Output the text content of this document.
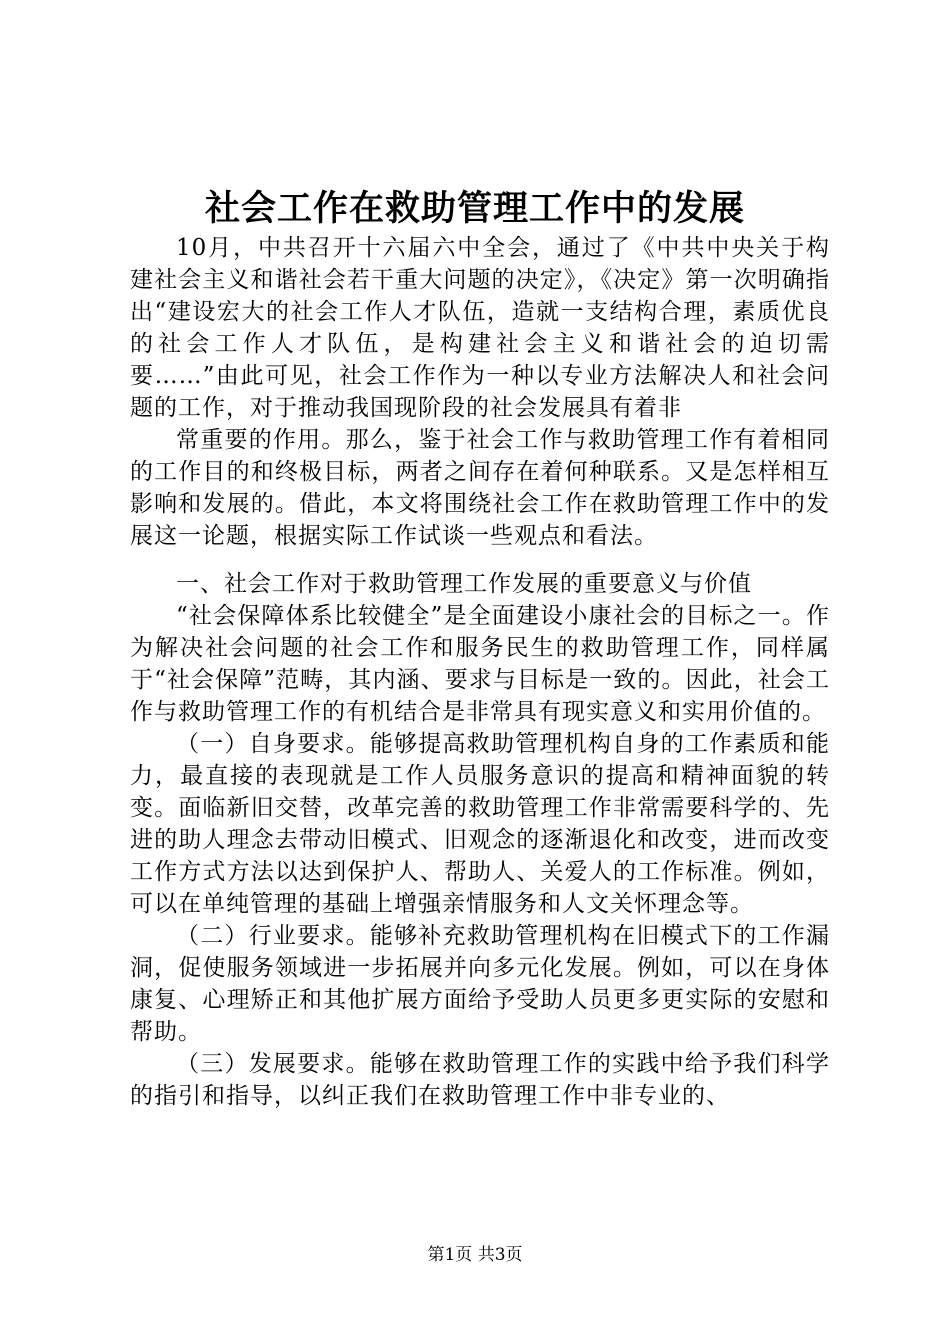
社会工作在救助管理工作中的发展

10月，中共召开十六届六中全会，通过了《中共中央关于构建社会主义和谐社会若干重大问题的决定》，《决定》第一次明确指出“建设宏大的社会工作人才队伍，造就一支结构合理，素质优良的社会工作人才队伍，是构建社会主义和谐社会的迫切需要……”由此可见，社会工作作为一种以专业方法解决人和社会问题的工作，对于推动我国现阶段的社会发展具有着非

常重要的作用。那么，鉴于社会工作与救助管理工作有着相同的工作目的和终极目标，两者之间存在着何种联系。又是怎样相互影响和发展的。借此，本文将围绕社会工作在救助管理工作中的发展这一论题，根据实际工作试谈一些观点和看法。

一、社会工作对于救助管理工作发展的重要意义与价值

“社会保障体系比较健全”是全面建设小康社会的目标之一。作为解决社会问题的社会工作和服务民生的救助管理工作，同样属于“社会保障”范畴，其内涵、要求与目标是一致的。因此，社会工作与救助管理工作的有机结合是非常具有现实意义和实用价值的。

（一）自身要求。能够提高救助管理机构自身的工作素质和能力，最直接的表现就是工作人员服务意识的提高和精神面貌的转变。面临新旧交替，改革完善的救助管理工作非常需要科学的、先进的助人理念去带动旧模式、旧观念的逐渐退化和改变，进而改变工作方式方法以达到保护人、帮助人、关爱人的工作标准。例如，可以在单纯管理的基础上增强亲情服务和人文关怀理念等。

（二）行业要求。能够补充救助管理机构在旧模式下的工作漏洞，促使服务领域进一步拓展并向多元化发展。例如，可以在身体康复、心理矫正和其他扩展方面给予受助人员更多更实际的安慰和帮助。

（三）发展要求。能够在救助管理工作的实践中给予我们科学的指引和指导，以纠正我们在救助管理工作中非专业的、

第1页 共3页
